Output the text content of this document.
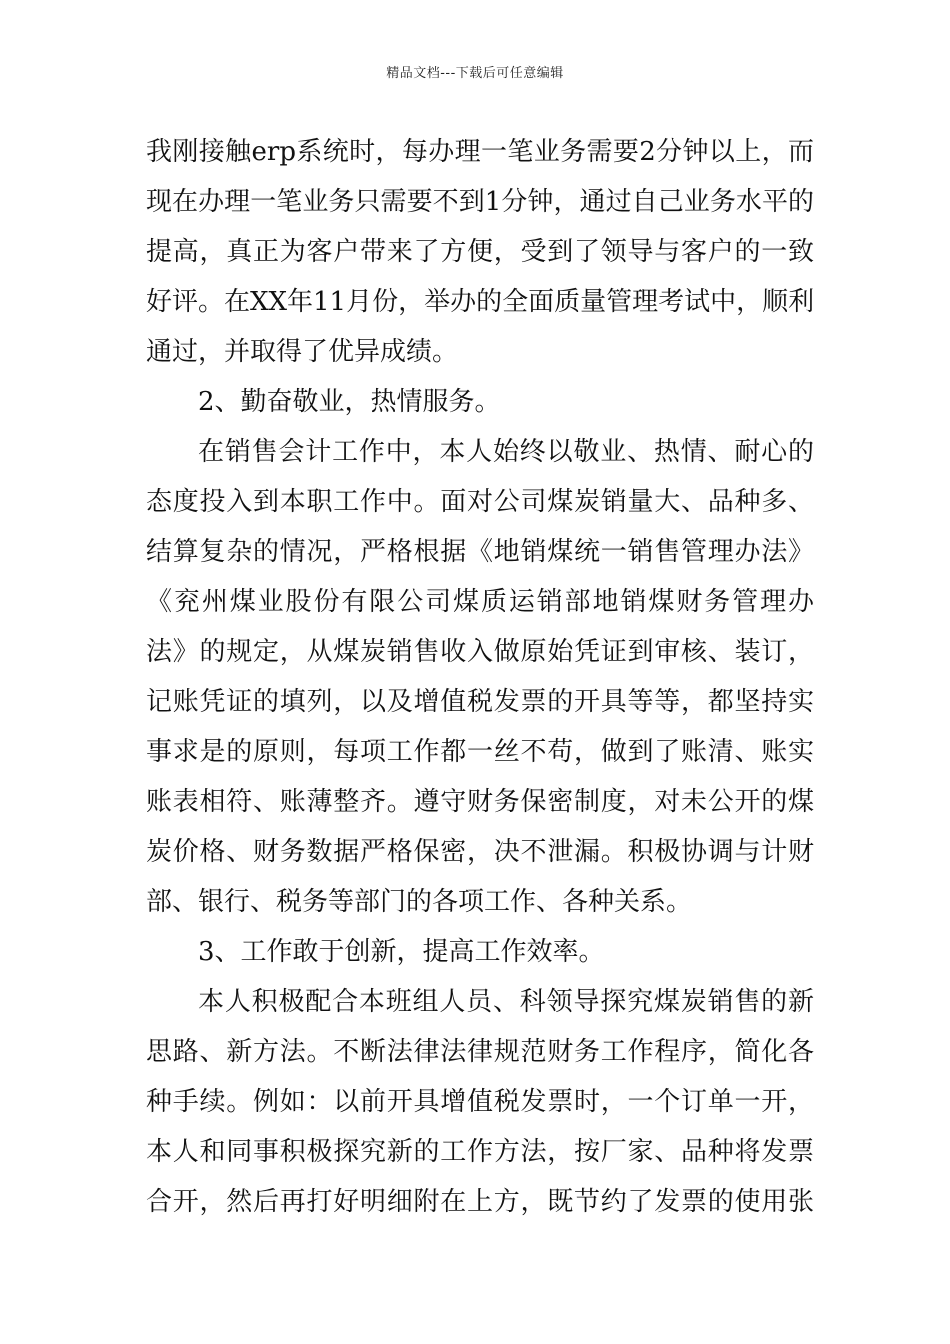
精品文档---下载后可任意编辑
我刚接触erp系统时，每办理一笔业务需要2分钟以上，而
现在办理一笔业务只需要不到1分钟，通过自己业务水平的
提高，真正为客户带来了方便，受到了领导与客户的一致
好评。在XX年11月份，举办的全面质量管理考试中，顺利
通过，并取得了优异成绩。
2、勤奋敬业，热情服务。
在销售会计工作中，本人始终以敬业、热情、耐心的
态度投入到本职工作中。面对公司煤炭销量大、品种多、
结算复杂的情况，严格根据《地销煤统一销售管理办法》
《兖州煤业股份有限公司煤质运销部地销煤财务管理办
法》的规定，从煤炭销售收入做原始凭证到审核、装订，
记账凭证的填列，以及增值税发票的开具等等，都坚持实
事求是的原则，每项工作都一丝不苟，做到了账清、账实
账表相符、账薄整齐。遵守财务保密制度，对未公开的煤
炭价格、财务数据严格保密，决不泄漏。积极协调与计财
部、银行、税务等部门的各项工作、各种关系。
3、工作敢于创新，提高工作效率。
本人积极配合本班组人员、科领导探究煤炭销售的新
思路、新方法。不断法律法律规范财务工作程序，简化各
种手续。例如：以前开具增值税发票时，一个订单一开，
本人和同事积极探究新的工作方法，按厂家、品种将发票
合开，然后再打好明细附在上方，既节约了发票的使用张
